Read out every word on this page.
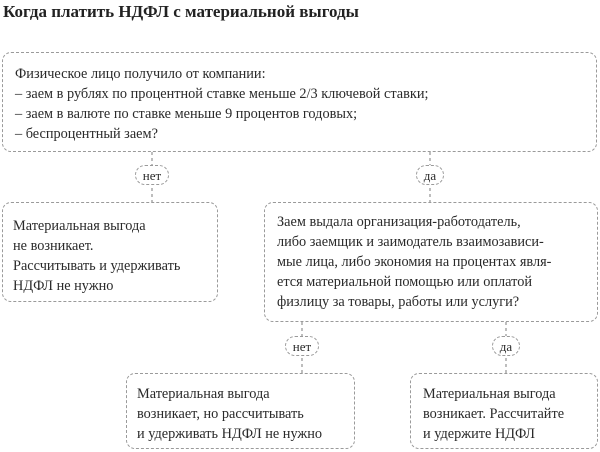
Когда платить НДФЛ с материальной выгоды
Физическое лицо получило от компании:
– заем в рублях по процентной ставке меньше 2/3 ключевой ставки;
– заем в валюте по ставке меньше 9 процентов годовых;
– беспроцентный заем?
нет	да
Материальная выгода
не возникает.
Рассчитывать и удерживать
НДФЛ не нужно
Заем выдала организация-работодатель,
либо заемщик и заимодатель взаимозависи-
мые лица, либо экономия на процентах явля-
ется материальной помощью или оплатой
физлицу за товары, работы или услуги?
нет	да
Материальная выгода
возникает, но рассчитывать
и удерживать НДФЛ не нужно
Материальная выгода
возникает. Рассчитайте
и удержите НДФЛ
